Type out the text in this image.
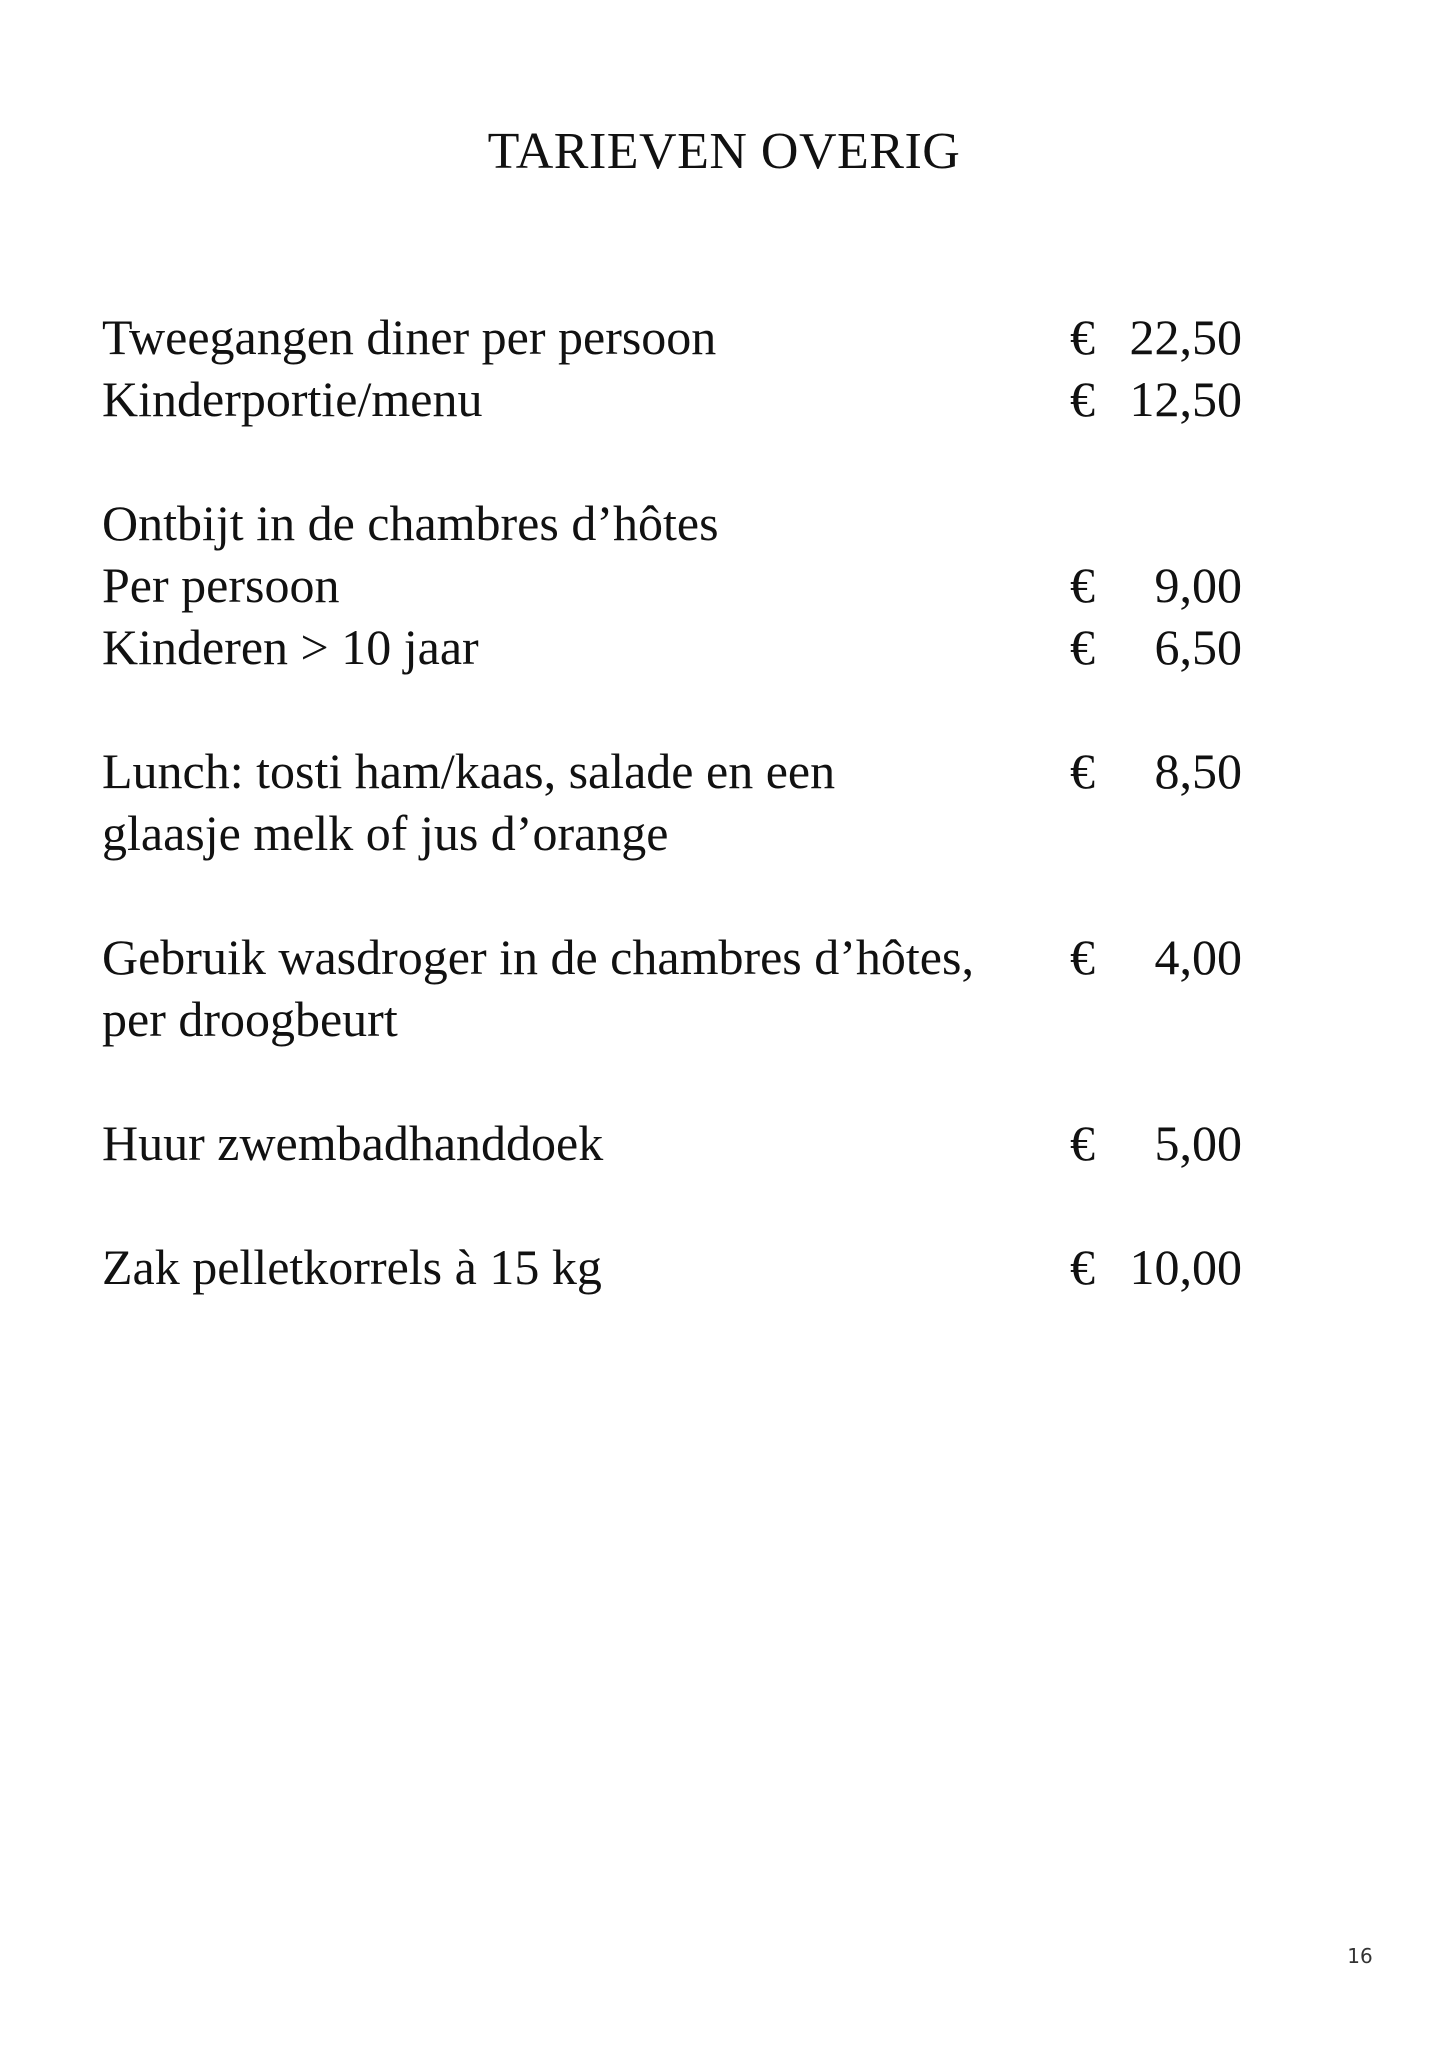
TARIEVEN OVERIG
Tweegangen diner per persoon	€ 22,50
Kinderportie/menu	€ 12,50
Ontbijt in de chambres d’hôtes
Per persoon	€ 9,00
Kinderen > 10 jaar	€ 6,50
Lunch: tosti ham/kaas, salade en een	€ 8,50
glaasje melk of jus d’orange
Gebruik wasdroger in de chambres d’hôtes, € 4,00
per droogbeurt
Huur zwembadhanddoek	€ 5,00
Zak pelletkorrels à 15 kg	€ 10,00
16
